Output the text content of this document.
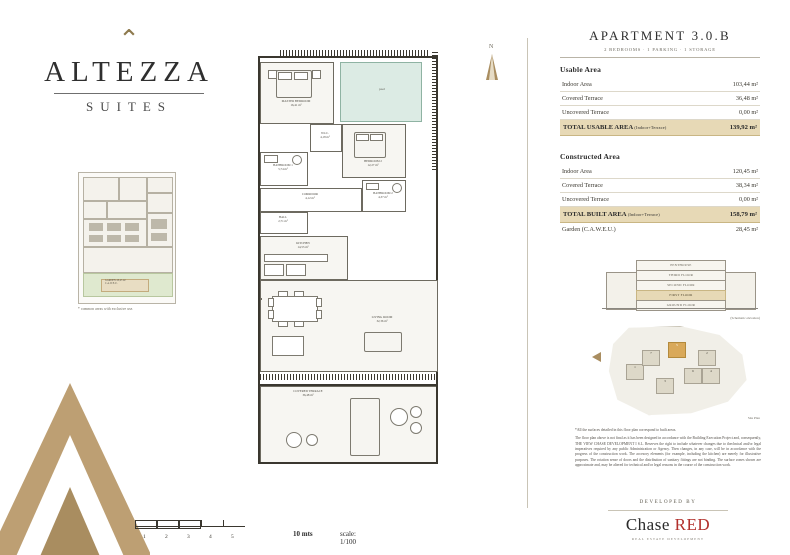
⌃
ALTEZZA
SUITES
GARDEN 28,45 m²
C.A.W.E.U.
* common areas with exclusive use.
N
pool
MASTER BEDROOM
16,41 m²
W.I.C.
4,18 m²
BEDROOM 2
12,27 m²
BATHROOM 1
5,74 m²
BATHROOM 2
4,37 m²
CORRIDOR
4,12 m²
HALL
2,71 m²
KITCHEN
14,53 m²
LIVING ROOM
32,36 m²
COVERED TERRACE
36,48 m²
1	2	3	4	5	10 mts	scale: 1/100
APARTMENT 3.0.B
2 BEDROOMS · 1 PARKING · 1 STORAGE
Usable Area
Indoor Area	103,44 m²
Covered Terrace	36,48 m²
Uncovered Terrace	0,00 m²
TOTAL USABLE AREA (Indoor+Terrace)	139,92 m²
Constructed Area
Indoor Area	120,45 m²
Covered Terrace	38,34 m²
Uncovered Terrace	0,00 m²
TOTAL BUILT AREA (Indoor+Terrace)	158,79 m²
Garden (C.A.W.E.U.)	28,45 m²
PENTHOUSE
THIRD FLOOR
SECOND FLOOR
FIRST FLOOR
GROUND FLOOR
(Schematic elevation)
1
2
3
4
5
6
7
Site Plan
*All the surfaces detailed in this floor plan correspond to built areas.
The floor plan above is not final as it has been designed in accordance with the Building Execution Project and, consequently, THE VIEW CHASE DEVELOPMENT I S.L. Reserves the right to include whatever changes due to thechnical and/or legal imperatives required by any public Administration or Agency. Then changes, in any case, will be in accordance with the progress of the construction work. The accesory elements (for example, including the kitchen) are merely for illustrative purposes. The rotation sense of doors and the distribution of sanitary fittings are not binding. The surface zones shown are approximate and, may be altered for technical and/or legal reasons in the course of the construction work.
DEVELOPED BY
Chase RED
REAL ESTATE DEVELOPMENT
